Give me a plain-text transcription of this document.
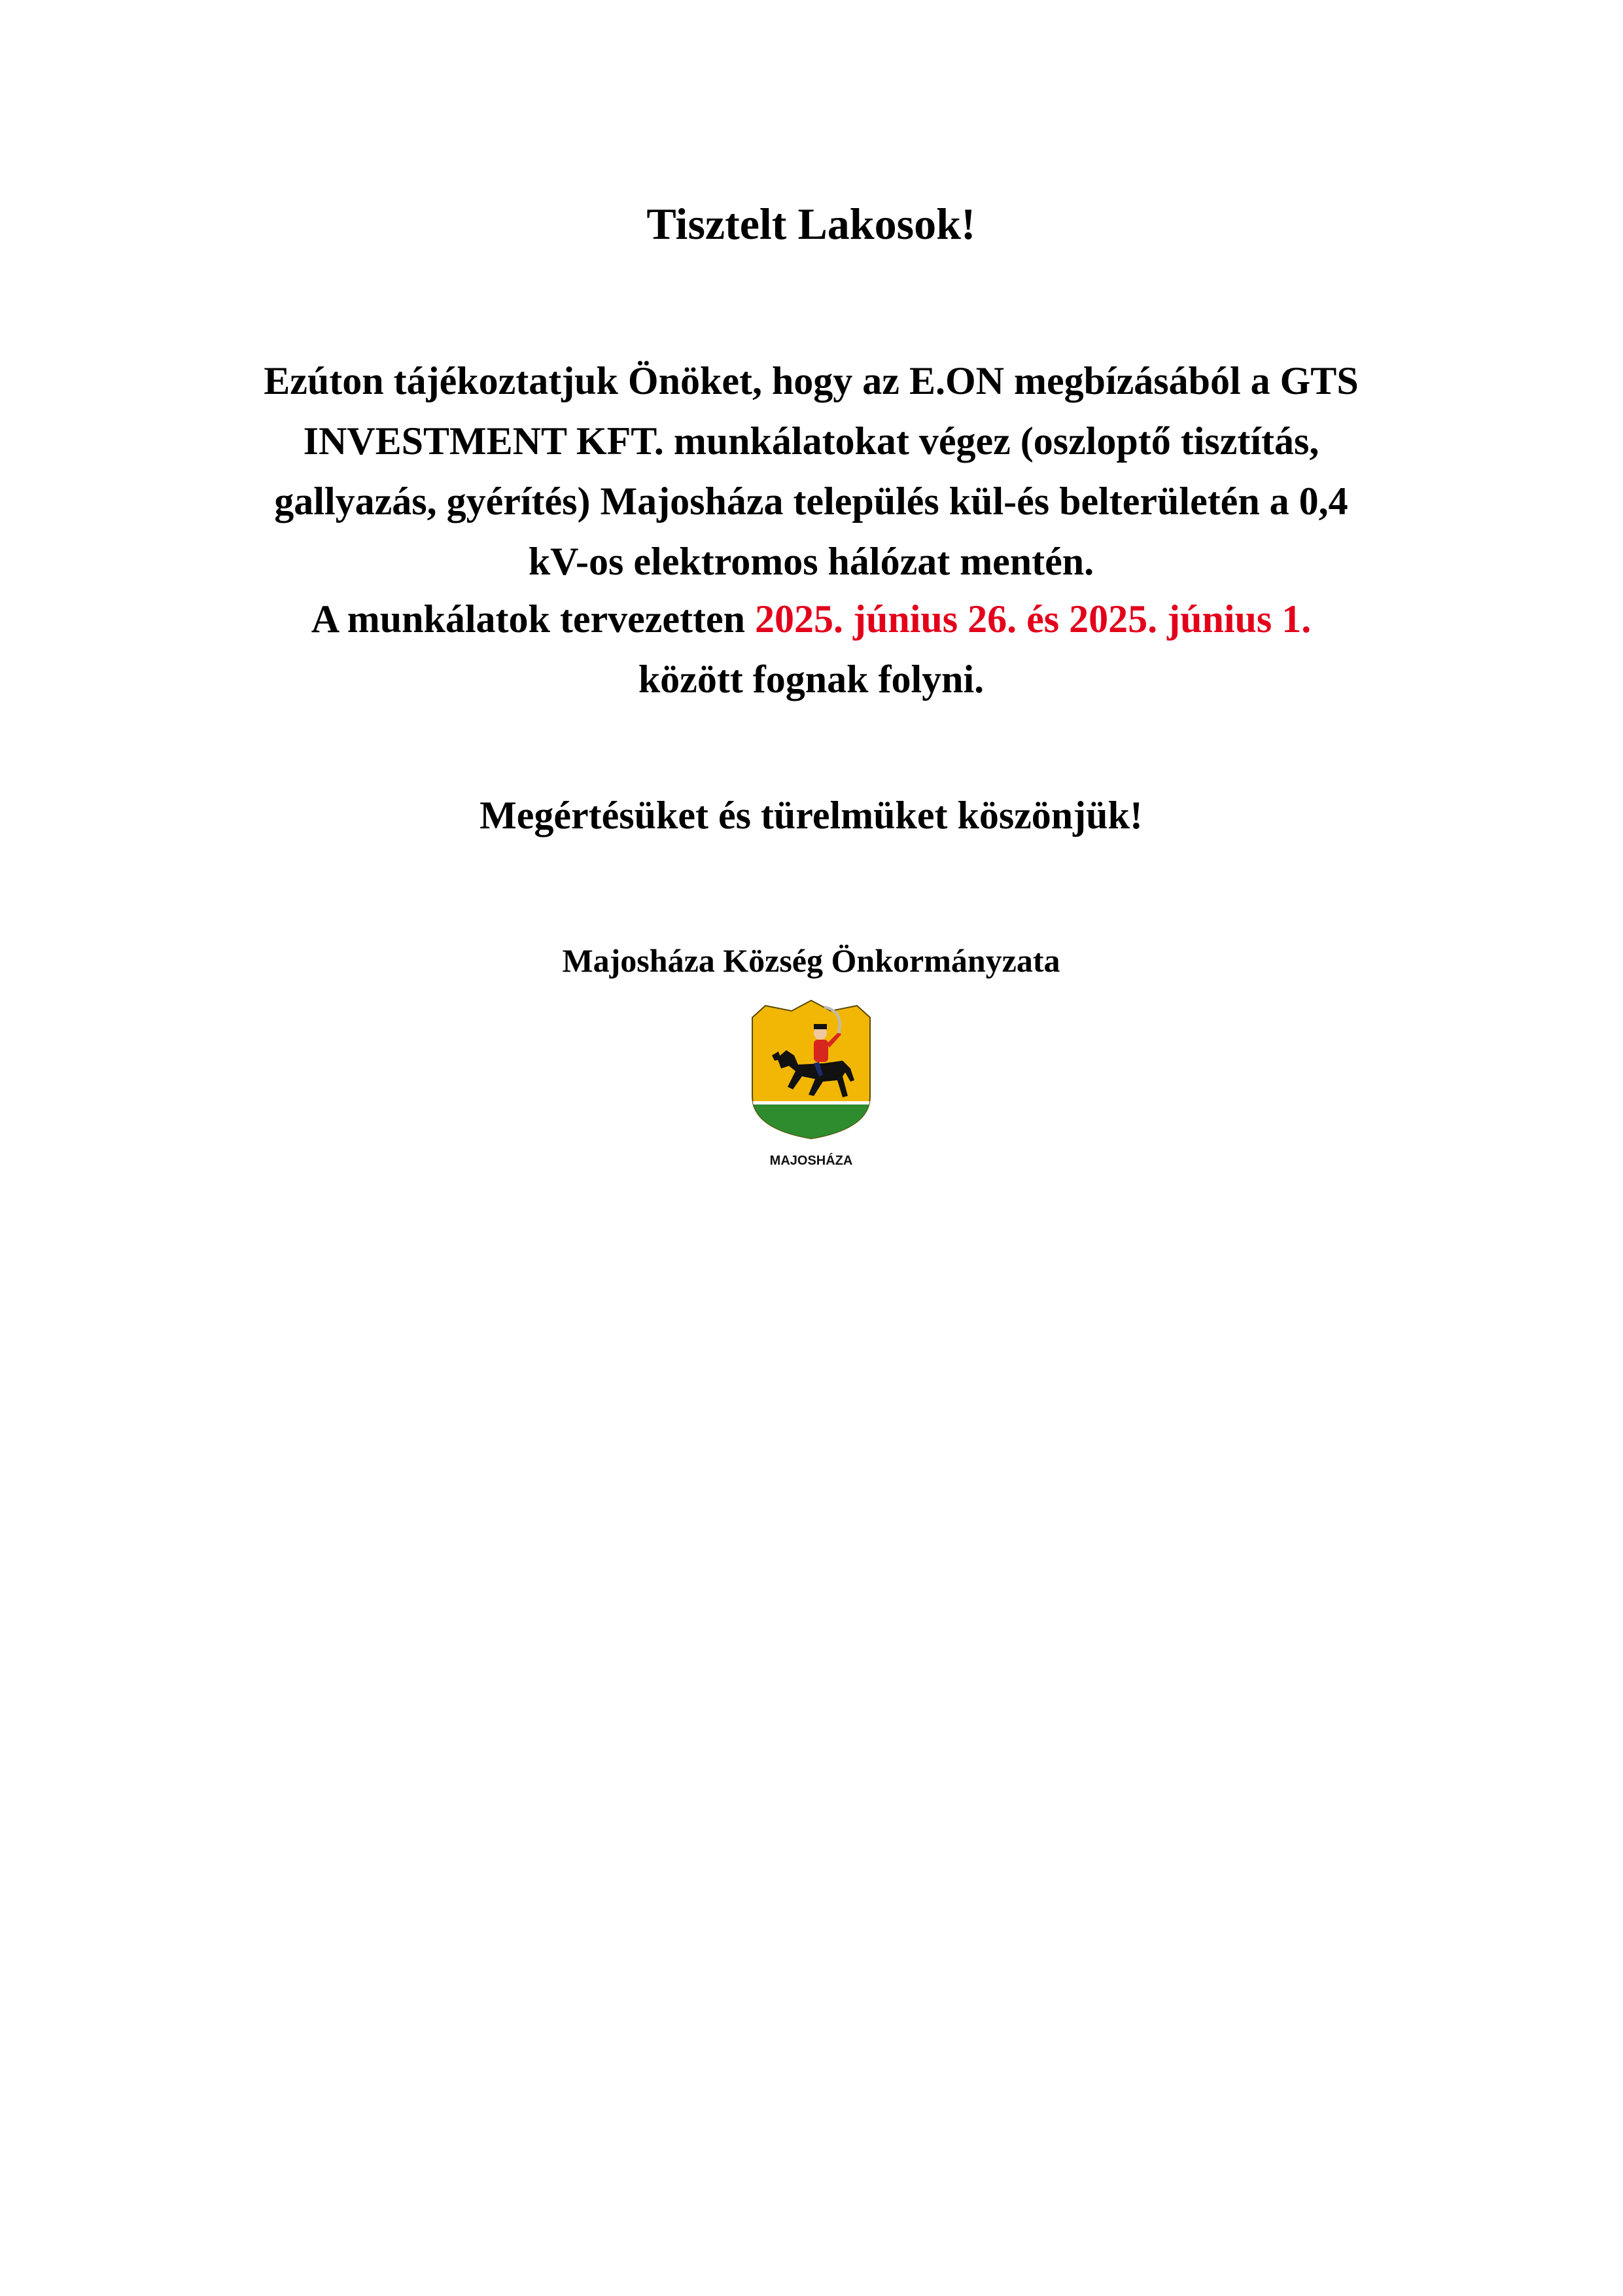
Tisztelt Lakosok!
Ezúton tájékoztatjuk Önöket, hogy az E.ON megbízásából a GTS
INVESTMENT KFT. munkálatokat végez (oszloptő tisztítás,
gallyazás, gyérítés) Majosháza település kül-és belterületén a 0,4
kV-os elektromos hálózat mentén.
A munkálatok tervezetten 2025. június 26. és 2025. június 1.
között fognak folyni.
Megértésüket és türelmüket köszönjük!
Majosháza Község Önkormányzata
MAJOSHÁZA
